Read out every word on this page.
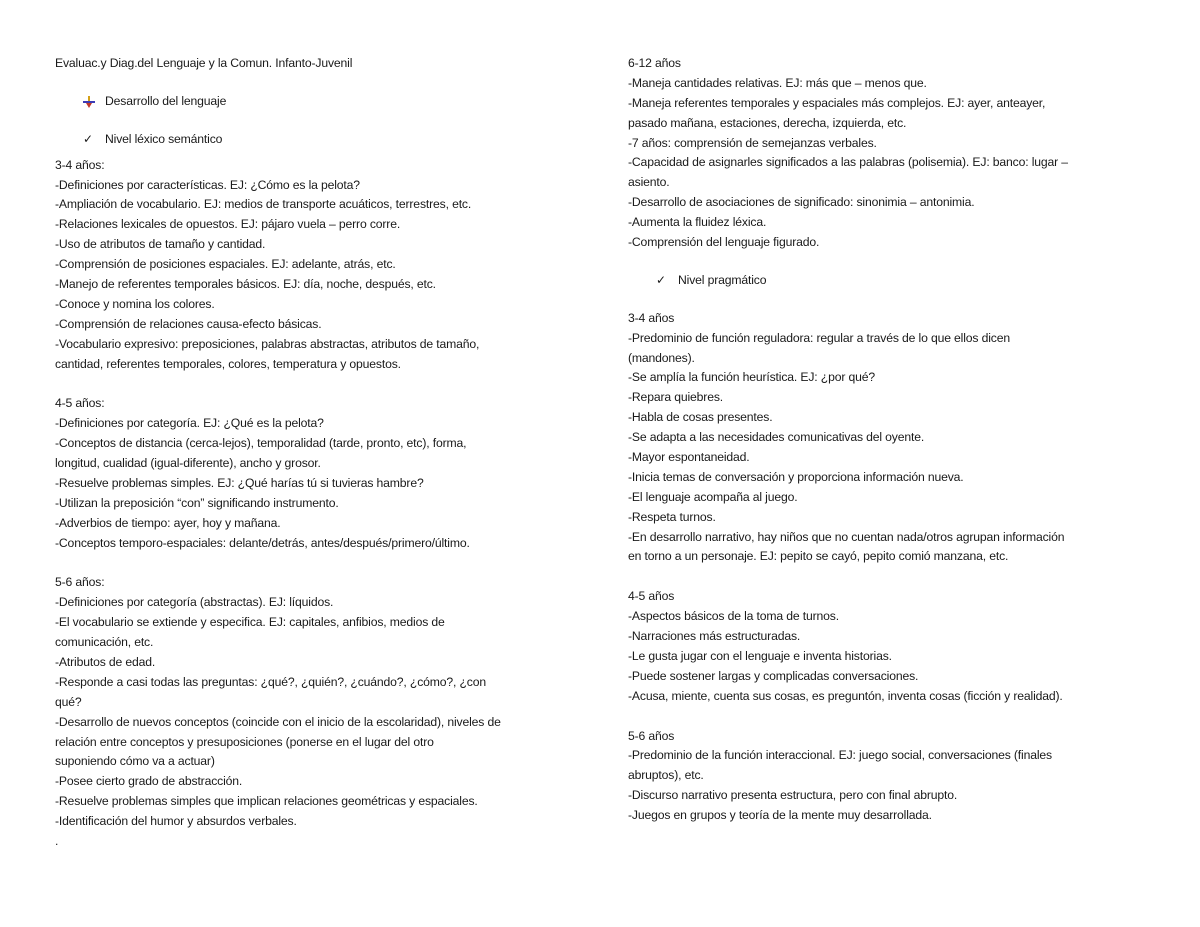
Evaluac.y Diag.del Lenguaje y la Comun. Infanto-Juvenil
Desarrollo del lenguaje
✓ Nivel léxico semántico
3-4 años:
-Definiciones por características. EJ: ¿Cómo es la pelota?
-Ampliación de vocabulario. EJ: medios de transporte acuáticos, terrestres, etc.
-Relaciones lexicales de opuestos. EJ: pájaro vuela – perro corre.
-Uso de atributos de tamaño y cantidad.
-Comprensión de posiciones espaciales. EJ: adelante, atrás, etc.
-Manejo de referentes temporales básicos. EJ: día, noche, después, etc.
-Conoce y nomina los colores.
-Comprensión de relaciones causa-efecto básicas.
-Vocabulario expresivo: preposiciones, palabras abstractas, atributos de tamaño,
cantidad, referentes temporales, colores, temperatura y opuestos.
4-5 años:
-Definiciones por categoría. EJ: ¿Qué es la pelota?
-Conceptos de distancia (cerca-lejos), temporalidad (tarde, pronto, etc), forma,
longitud, cualidad (igual-diferente), ancho y grosor.
-Resuelve problemas simples. EJ: ¿Qué harías tú si tuvieras hambre?
-Utilizan la preposición “con” significando instrumento.
-Adverbios de tiempo: ayer, hoy y mañana.
-Conceptos temporo-espaciales: delante/detrás, antes/después/primero/último.
5-6 años:
-Definiciones por categoría (abstractas). EJ: líquidos.
-El vocabulario se extiende y especifica. EJ: capitales, anfibios, medios de
comunicación, etc.
-Atributos de edad.
-Responde a casi todas las preguntas: ¿qué?, ¿quién?, ¿cuándo?, ¿cómo?, ¿con
qué?
-Desarrollo de nuevos conceptos (coincide con el inicio de la escolaridad), niveles de
relación entre conceptos y presuposiciones (ponerse en el lugar del otro
suponiendo cómo va a actuar)
-Posee cierto grado de abstracción.
-Resuelve problemas simples que implican relaciones geométricas y espaciales.
-Identificación del humor y absurdos verbales.
.
6-12 años
-Maneja cantidades relativas. EJ: más que – menos que.
-Maneja referentes temporales y espaciales más complejos. EJ: ayer, anteayer,
pasado mañana, estaciones, derecha, izquierda, etc.
-7 años: comprensión de semejanzas verbales.
-Capacidad de asignarles significados a las palabras (polisemia). EJ: banco: lugar –
asiento.
-Desarrollo de asociaciones de significado: sinonimia – antonimia.
-Aumenta la fluidez léxica.
-Comprensión del lenguaje figurado.
✓ Nivel pragmático
3-4 años
-Predominio de función reguladora: regular a través de lo que ellos dicen
(mandones).
-Se amplía la función heurística. EJ: ¿por qué?
-Repara quiebres.
-Habla de cosas presentes.
-Se adapta a las necesidades comunicativas del oyente.
-Mayor espontaneidad.
-Inicia temas de conversación y proporciona información nueva.
-El lenguaje acompaña al juego.
-Respeta turnos.
-En desarrollo narrativo, hay niños que no cuentan nada/otros agrupan información
en torno a un personaje. EJ: pepito se cayó, pepito comió manzana, etc.
4-5 años
-Aspectos básicos de la toma de turnos.
-Narraciones más estructuradas.
-Le gusta jugar con el lenguaje e inventa historias.
-Puede sostener largas y complicadas conversaciones.
-Acusa, miente, cuenta sus cosas, es preguntón, inventa cosas (ficción y realidad).
5-6 años
-Predominio de la función interaccional. EJ: juego social, conversaciones (finales
abruptos), etc.
-Discurso narrativo presenta estructura, pero con final abrupto.
-Juegos en grupos y teoría de la mente muy desarrollada.
